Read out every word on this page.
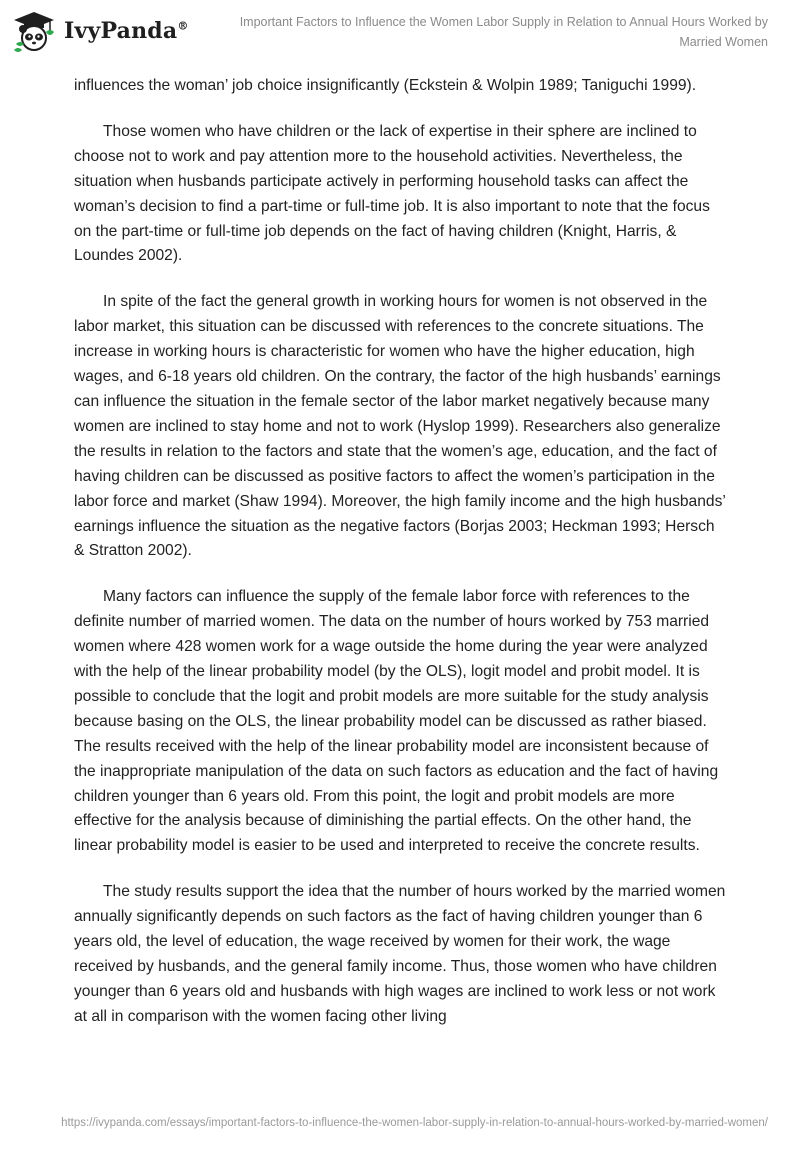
IvyPanda®	Important Factors to Influence the Women Labor Supply in Relation to Annual Hours Worked by Married Women

influences the woman’ job choice insignificantly (Eckstein & Wolpin 1989; Taniguchi 1999).

Those women who have children or the lack of expertise in their sphere are inclined to choose not to work and pay attention more to the household activities. Nevertheless, the situation when husbands participate actively in performing household tasks can affect the woman’s decision to find a part-time or full-time job. It is also important to note that the focus on the part-time or full-time job depends on the fact of having children (Knight, Harris, & Loundes 2002).

In spite of the fact the general growth in working hours for women is not observed in the labor market, this situation can be discussed with references to the concrete situations. The increase in working hours is characteristic for women who have the higher education, high wages, and 6-18 years old children. On the contrary, the factor of the high husbands’ earnings can influence the situation in the female sector of the labor market negatively because many women are inclined to stay home and not to work (Hyslop 1999). Researchers also generalize the results in relation to the factors and state that the women’s age, education, and the fact of having children can be discussed as positive factors to affect the women’s participation in the labor force and market (Shaw 1994). Moreover, the high family income and the high husbands’ earnings influence the situation as the negative factors (Borjas 2003; Heckman 1993; Hersch & Stratton 2002).

Many factors can influence the supply of the female labor force with references to the definite number of married women. The data on the number of hours worked by 753 married women where 428 women work for a wage outside the home during the year were analyzed with the help of the linear probability model (by the OLS), logit model and probit model. It is possible to conclude that the logit and probit models are more suitable for the study analysis because basing on the OLS, the linear probability model can be discussed as rather biased. The results received with the help of the linear probability model are inconsistent because of the inappropriate manipulation of the data on such factors as education and the fact of having children younger than 6 years old. From this point, the logit and probit models are more effective for the analysis because of diminishing the partial effects. On the other hand, the linear probability model is easier to be used and interpreted to receive the concrete results.

The study results support the idea that the number of hours worked by the married women annually significantly depends on such factors as the fact of having children younger than 6 years old, the level of education, the wage received by women for their work, the wage received by husbands, and the general family income. Thus, those women who have children younger than 6 years old and husbands with high wages are inclined to work less or not work at all in comparison with the women facing other living

https://ivypanda.com/essays/important-factors-to-influence-the-women-labor-supply-in-relation-to-annual-hours-worked-by-married-women/
